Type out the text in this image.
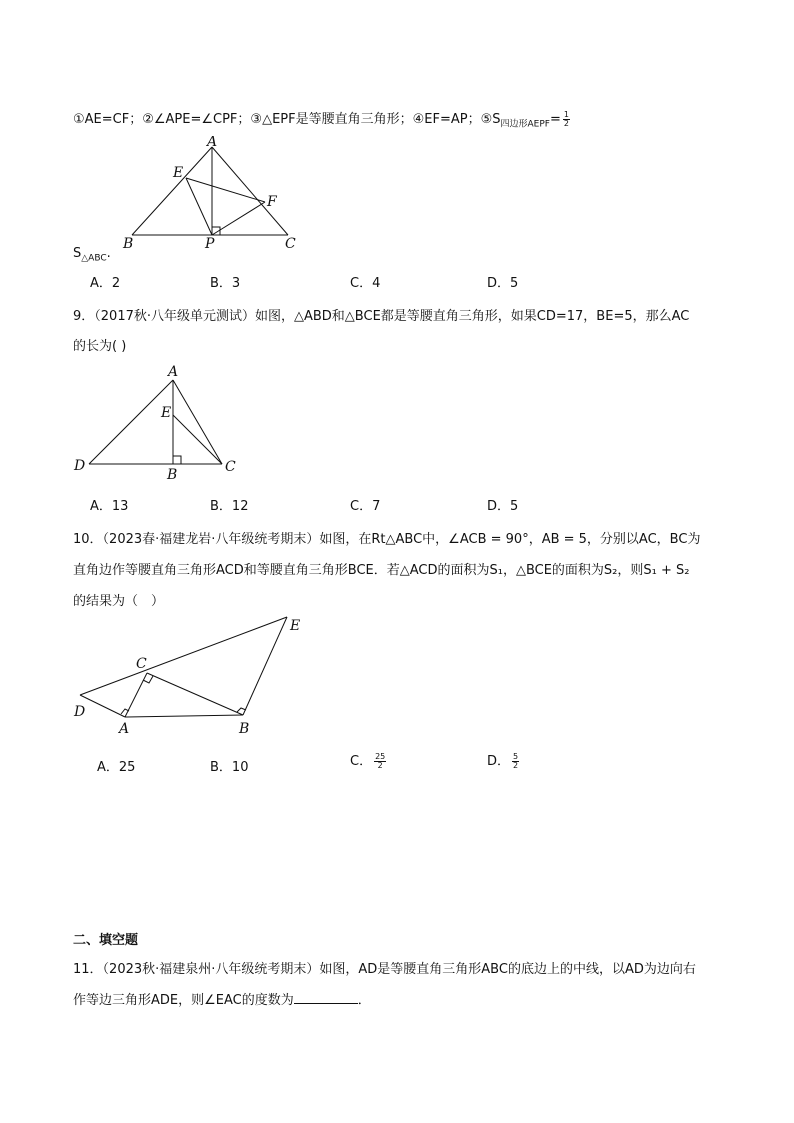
①AE=CF；②∠APE=∠CPF；③△EPF是等腰直角三角形；④EF=AP；$⑤S_{四边形AEPF}= \frac{1}{2}$
A
E
F
B	P	C
$S_{\triangle ABC}$.
A．2	B．3	C．4	D．5
9．（2017秋·八年级单元测试）如图，△ABD和△BCE都是等腰直角三角形，如果CD=17，BE=5，那么AC
的长为( )
A
E
D
B	C
A．13	B．12	C．7	D．5
10．（2023春·福建龙岩·八年级统考期末）如图，在Rt△ABC中，∠ACB = 90°，AB = 5，分别以AC，BC为
直角边作等腰直角三角形ACD和等腰直角三角形BCE．若△ACD的面积为S₁，△BCE的面积为S₂，则S₁ + S₂
的结果为（　）
E
C
D
A	B
A．25	B．10	C． $\frac{25}{2}$	D． $\frac{5}{2}$
二、填空题
11．（2023秋·福建泉州·八年级统考期末）如图，AD是等腰直角三角形ABC的底边上的中线，以AD为边向右
作等边三角形ADE，则∠EAC的度数为	．
